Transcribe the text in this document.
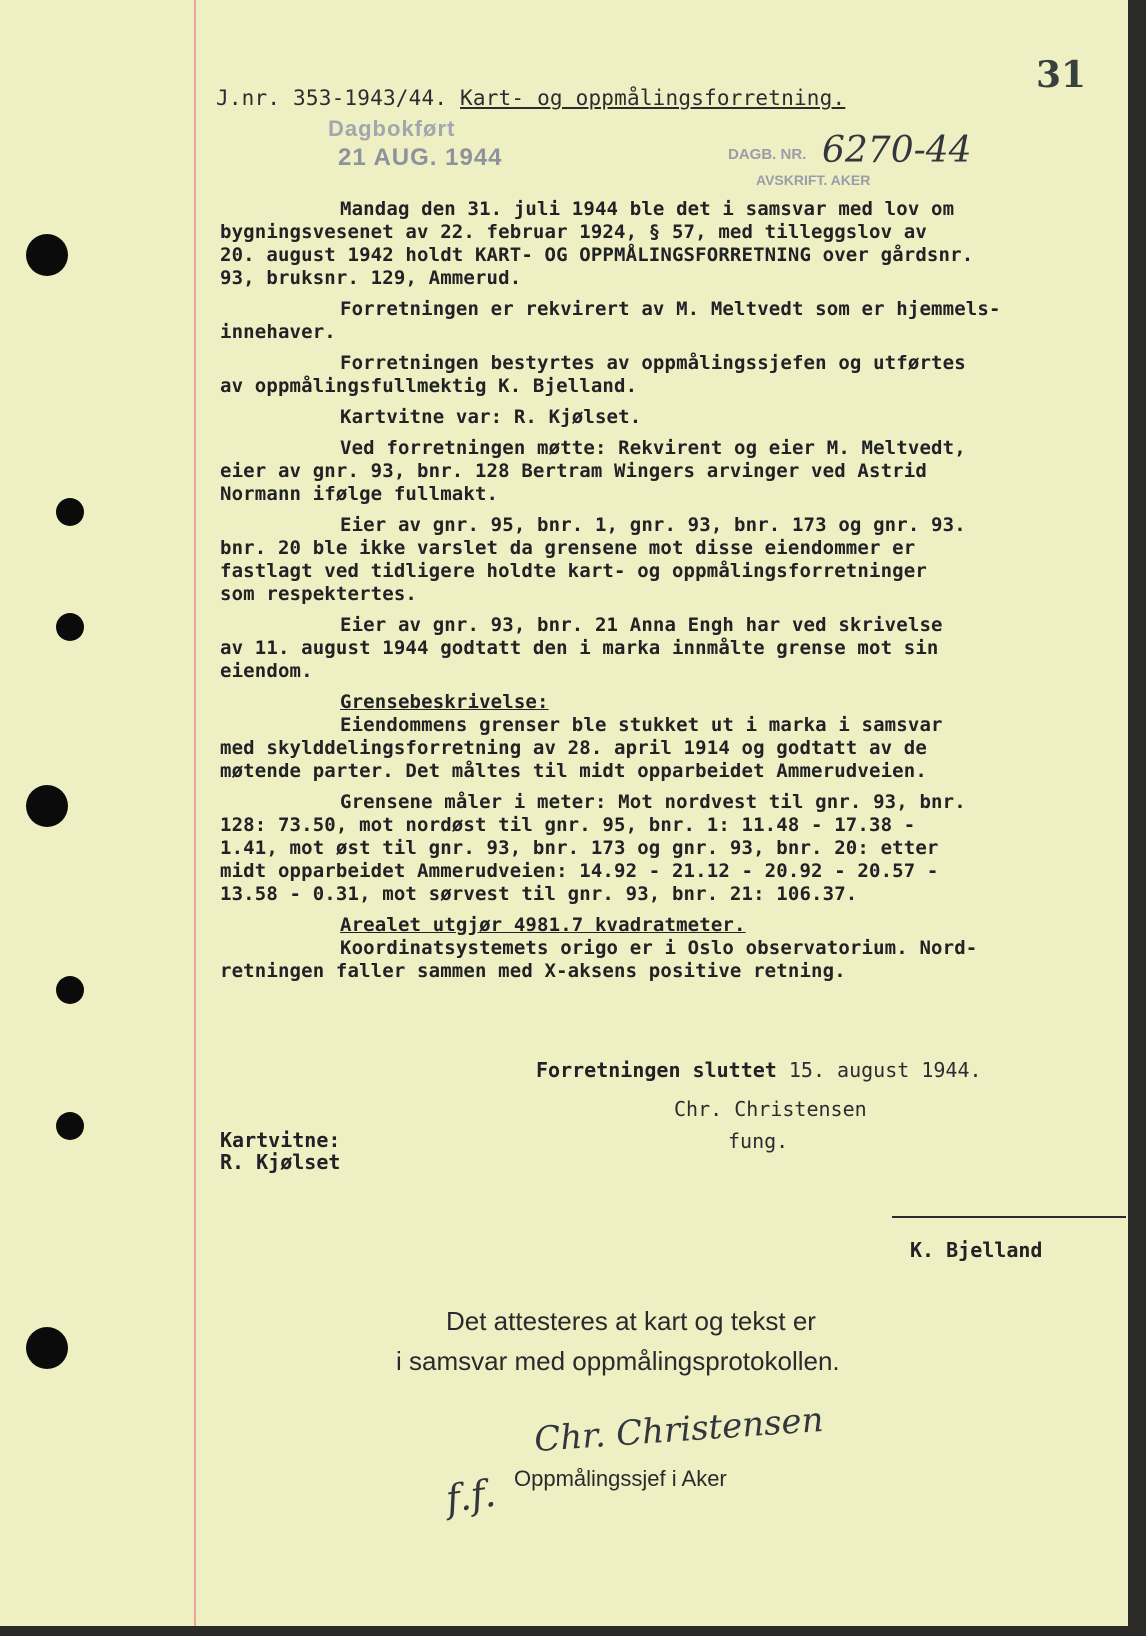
J.nr. 353-1943/44. Kart- og oppmålingsforretning.
31
Dagbokført
21 AUG. 1944	DAGB. NR. 6270-44
AVSKRIFT. AKER
Mandag den 31. juli 1944 ble det i samsvar med lov om
bygningsvesenet av 22. februar 1924, § 57, med tilleggslov av
20. august 1942 holdt KART- OG OPPMÅLINGSFORRETNING over gårdsnr.
93, bruksnr. 129, Ammerud.
Forretningen er rekvirert av M. Meltvedt som er hjemmels-
innehaver.
Forretningen bestyrtes av oppmålingssjefen og utførtes
av oppmålingsfullmektig K. Bjelland.
Kartvitne var: R. Kjølset.
Ved forretningen møtte: Rekvirent og eier M. Meltvedt,
eier av gnr. 93, bnr. 128 Bertram Wingers arvinger ved Astrid
Normann ifølge fullmakt.
Eier av gnr. 95, bnr. 1, gnr. 93, bnr. 173 og gnr. 93.
bnr. 20 ble ikke varslet da grensene mot disse eiendommer er
fastlagt ved tidligere holdte kart- og oppmålingsforretninger
som respektertes.
Eier av gnr. 93, bnr. 21 Anna Engh har ved skrivelse
av 11. august 1944 godtatt den i marka innmålte grense mot sin
eiendom.
Grensebeskrivelse:
Eiendommens grenser ble stukket ut i marka i samsvar
med skylddelingsforretning av 28. april 1914 og godtatt av de
møtende parter. Det måltes til midt opparbeidet Ammerudveien.
Grensene måler i meter: Mot nordvest til gnr. 93, bnr.
128: 73.50, mot nordøst til gnr. 95, bnr. 1: 11.48 - 17.38 -
1.41, mot øst til gnr. 93, bnr. 173 og gnr. 93, bnr. 20: etter
midt opparbeidet Ammerudveien: 14.92 - 21.12 - 20.92 - 20.57 -
13.58 - 0.31, mot sørvest til gnr. 93, bnr. 21: 106.37.
Arealet utgjør 4981.7 kvadratmeter.
Koordinatsystemets origo er i Oslo observatorium. Nord-
retningen faller sammen med X-aksens positive retning.
Forretningen sluttet 15. august 1944.
Chr. Christensen
fung.
Kartvitne:
R. Kjølset
K. Bjelland
Det attesteres at kart og tekst er
i samsvar med oppmålingsprotokollen.
Chr. Christensen
f.f. Oppmålingssjef i Aker
